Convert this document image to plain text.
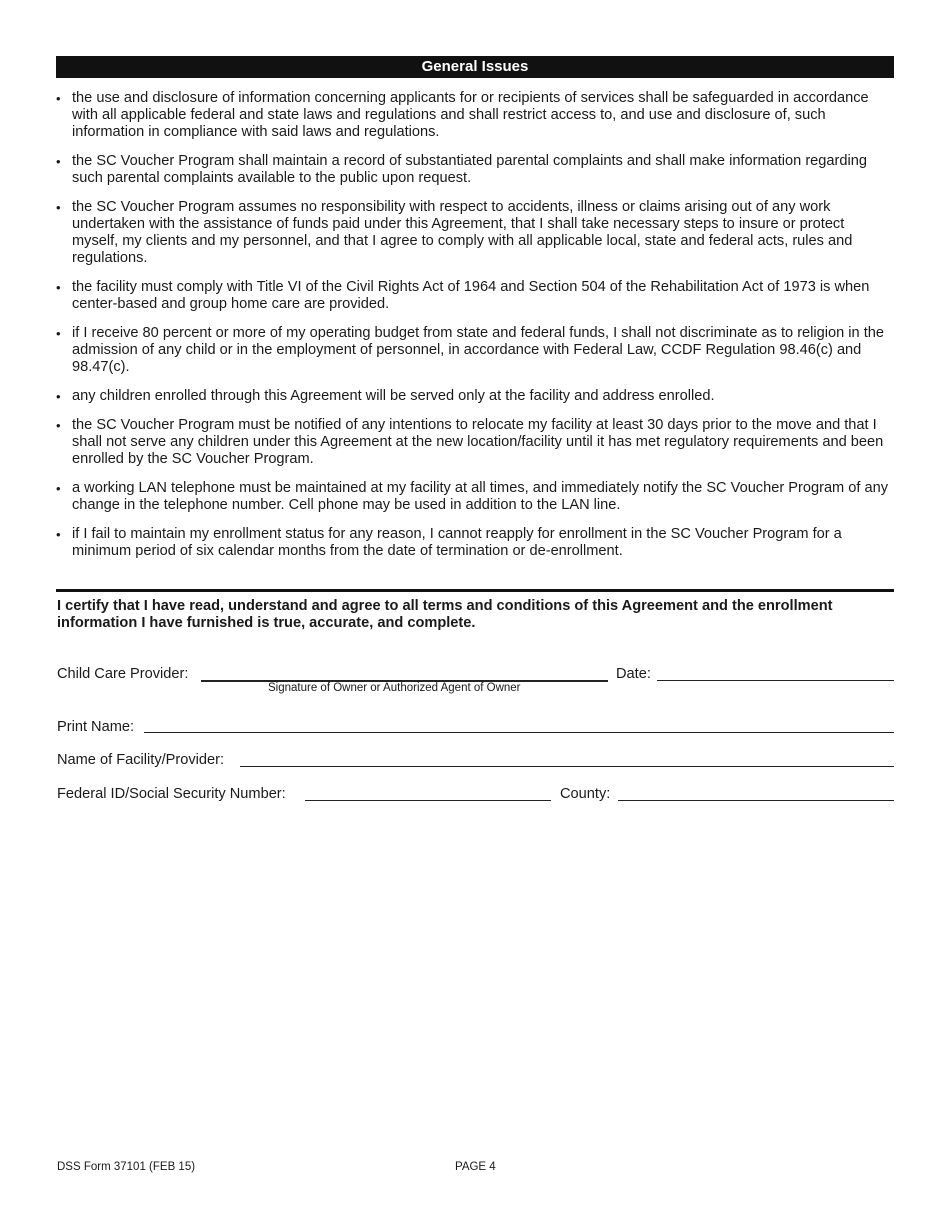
General Issues
• the use and disclosure of information concerning applicants for or recipients of services shall be safeguarded in accordance with all applicable federal and state laws and regulations and shall restrict access to, and use and disclosure of, such information in compliance with said laws and regulations.
• the SC Voucher Program shall maintain a record of substantiated parental complaints and shall make information regarding such parental complaints available to the public upon request.
• the SC Voucher Program assumes no responsibility with respect to accidents, illness or claims arising out of any work undertaken with the assistance of funds paid under this Agreement, that I shall take necessary steps to insure or protect myself, my clients and my personnel, and that I agree to comply with all applicable local, state and federal acts, rules and regulations.
• the facility must comply with Title VI of the Civil Rights Act of 1964 and Section 504 of the Rehabilitation Act of 1973 is when center-based and group home care are provided.
• if I receive 80 percent or more of my operating budget from state and federal funds, I shall not discriminate as to religion in the admission of any child or in the employment of personnel, in accordance with Federal Law, CCDF Regulation 98.46(c) and 98.47(c).
• any children enrolled through this Agreement will be served only at the facility and address enrolled.
• the SC Voucher Program must be notified of any intentions to relocate my facility at least 30 days prior to the move and that I shall not serve any children under this Agreement at the new location/facility until it has met regulatory requirements and been enrolled by the SC Voucher Program.
• a working LAN telephone must be maintained at my facility at all times, and immediately notify the SC Voucher Program of any change in the telephone number. Cell phone may be used in addition to the LAN line.
• if I fail to maintain my enrollment status for any reason, I cannot reapply for enrollment in the SC Voucher Program for a minimum period of six calendar months from the date of termination or de-enrollment.
I certify that I have read, understand and agree to all terms and conditions of this Agreement and the enrollment information I have furnished is true, accurate, and complete.
Child Care Provider:
Signature of Owner or Authorized Agent of Owner
Date:
Print Name:
Name of Facility/Provider:
Federal ID/Social Security Number:	County:
DSS Form 37101 (FEB 15)	PAGE 4
